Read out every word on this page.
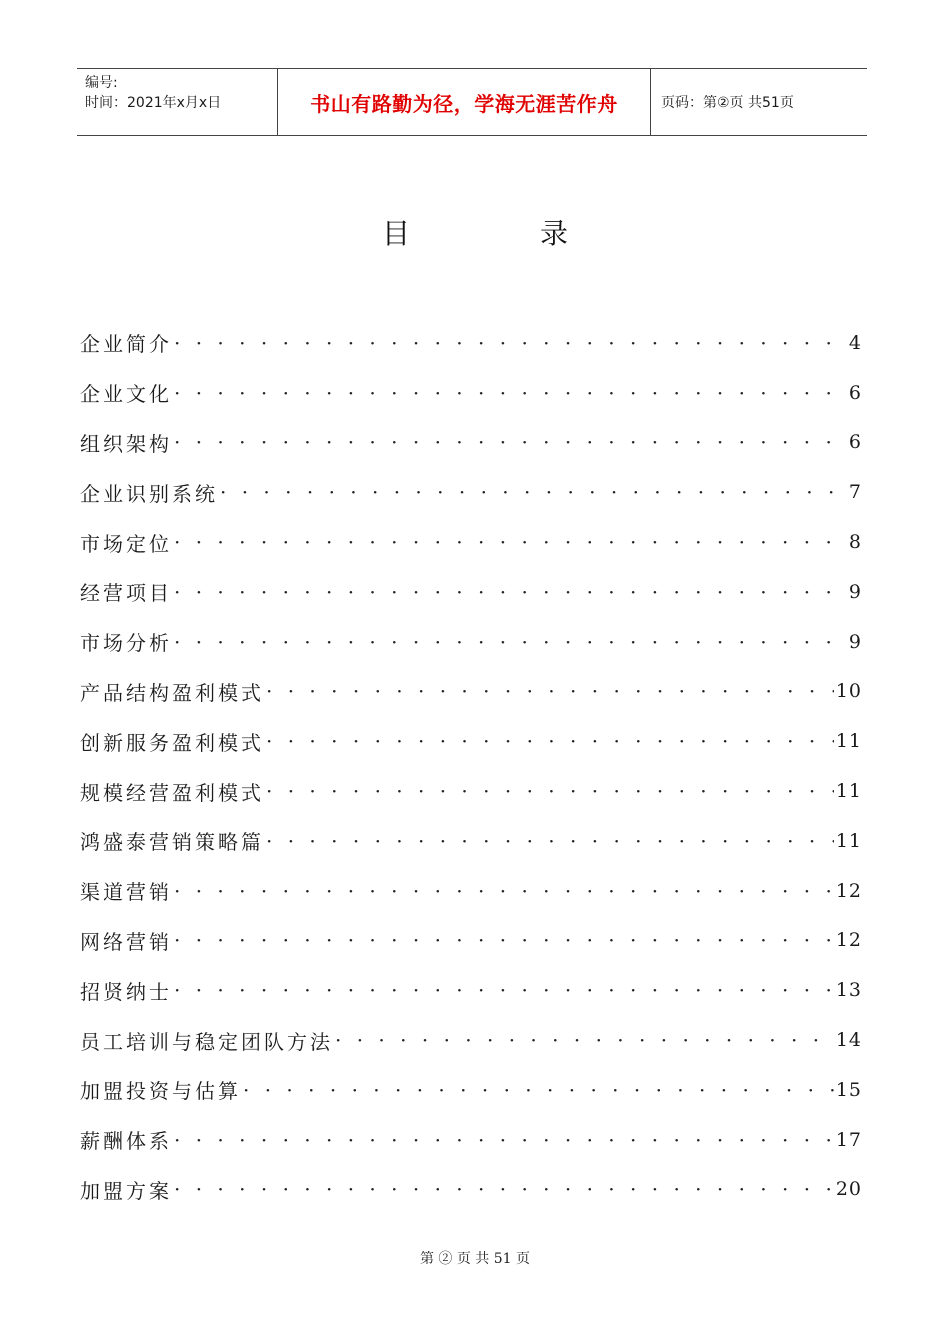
编号:
时间：2021年x月x日	书山有路勤为径，学海无涯苦作舟	页码：第②页 共51页
目	录
企业简介 · · ·	4
企业文化 · · ·	6
组织架构 · · ·	6
企业识别系统 · · ·	7
市场定位 · · ·	8
经营项目 · · ·	9
市场分析 · · ·	9
产品结构盈利模式 · · ·	10
创新服务盈利模式 · · ·	11
规模经营盈利模式 · · ·	11
鸿盛泰营销策略篇 · · ·	11
渠道营销 · · ·	12
网络营销 · · ·	12
招贤纳士 · · ·	13
员工培训与稳定团队方法 · · ·	14
加盟投资与估算 · · ·	15
薪酬体系 · · ·	17
加盟方案 · · ·	20
第 ② 页 共 51 页
